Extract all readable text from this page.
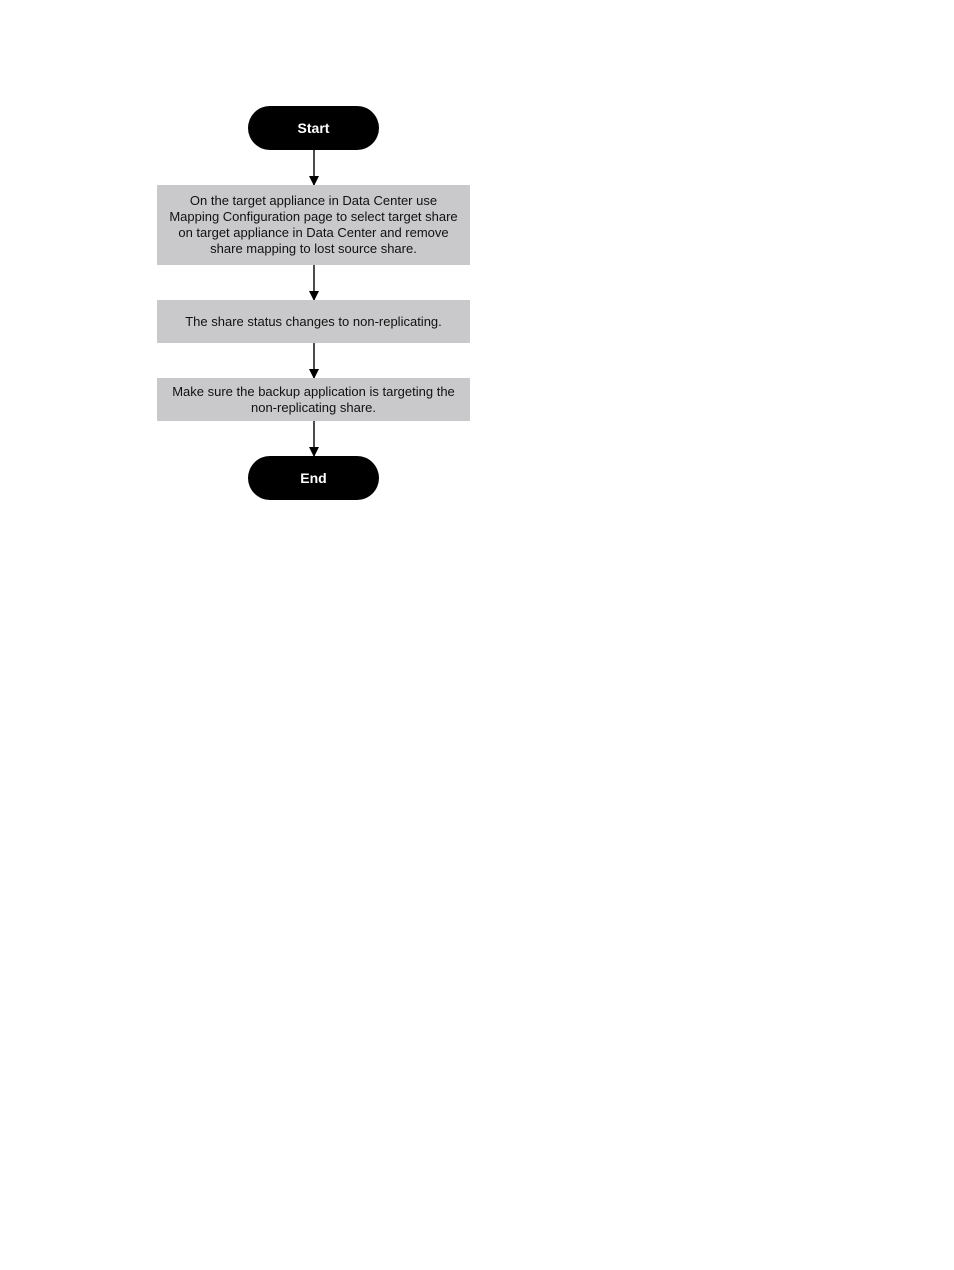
Start
On the target appliance in Data Center use Mapping Configuration page to select target share on target appliance in Data Center and remove share mapping to lost source share.
The share status changes to non-replicating.
Make sure the backup application is targeting the non-replicating share.
End
